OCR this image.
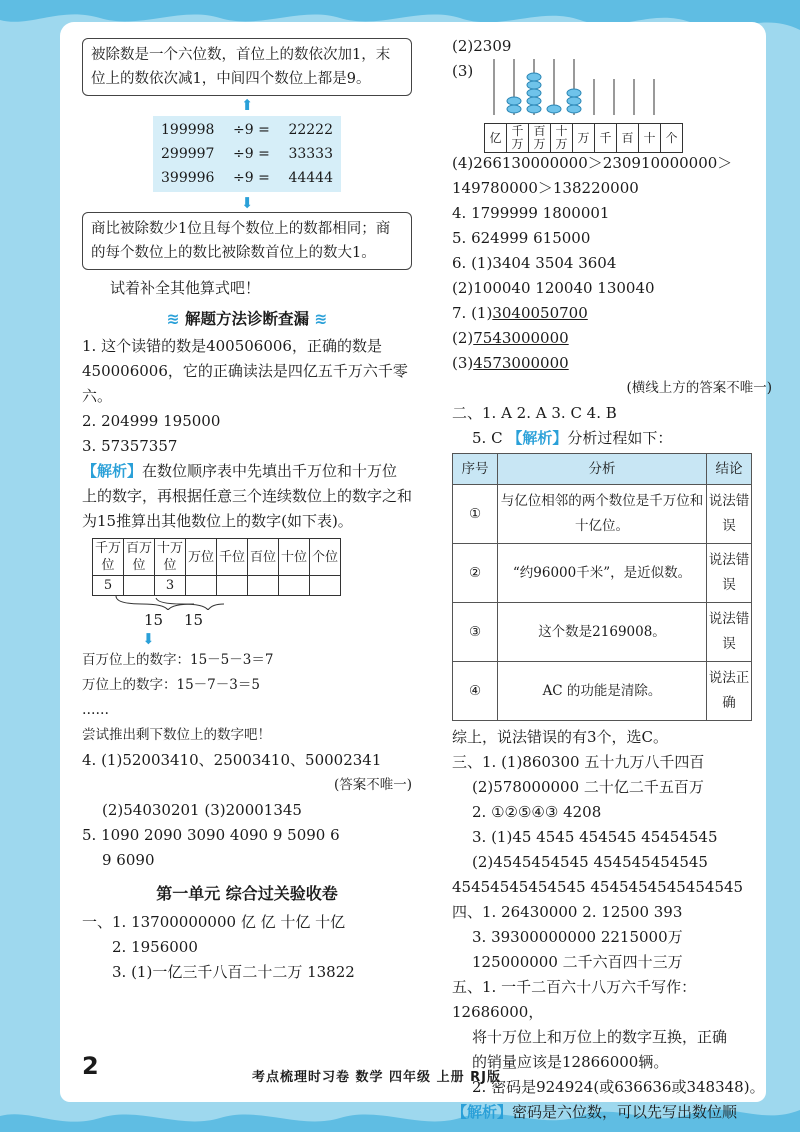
被除数是一个六位数，首位上的数依次加1，末位上的数依次减1，中间四个数位上都是9。
⬆
199998 ÷9 = 22222
299997 ÷9 = 33333
399996 ÷9 = 44444
⬇
商比被除数少1位且每个数位上的数都相同；商的每个数位上的数比被除数首位上的数大1。
试着补全其他算式吧！
≋ 解题方法诊断查漏 ≋
1. 这个读错的数是400506006，正确的数是450006006，它的正确读法是四亿五千万六千零六。
2. 204999 195000
3. 57357357
【解析】在数位顺序表中先填出千万位和十万位上的数字，再根据任意三个连续数位上的数字之和为15推算出其他数位上的数字(如下表)。
千万位	百万位	十万位	万位	千位	百位	十位	个位
5		3					
15 15
⬇
百万位上的数字：15－5－3＝7
万位上的数字：15－7－3＝5
……
尝试推出剩下数位上的数字吧！
4. (1)52003410、25003410、50002341
(答案不唯一)
(2)54030201 (3)20001345
5. 1090 2090 3090 4090 9 5090 6
9 6090
第一单元 综合过关验收卷
一、1. 13700000000 亿 亿 十亿 十亿
2. 1956000
3. (1)一亿三千八百二十二万 13822
(2)2309
(3)
亿	千万	百万	十万	万	千	百	十	个
(4)266130000000＞230910000000＞
149780000＞138220000
4. 1799999 1800001
5. 624999 615000
6. (1)3404 3504 3604
(2)100040 120040 130040
7. (1)3040050700
(2)7543000000
(3)4573000000
(横线上方的答案不唯一)
二、1. A 2. A 3. C 4. B
5. C 【解析】分析过程如下：
序号	分析	结论
①	与亿位相邻的两个数位是千万位和十亿位。	说法错误
②	“约96000千米”，是近似数。	说法错误
③	这个数是2169008。	说法错误
④	AC 的功能是清除。	说法正确
综上，说法错误的有3个，选C。
三、1. (1)860300 五十九万八千四百
(2)578000000 二十亿二千五百万
2. ①②⑤④③ 4208
3. (1)45 4545 454545 45454545
(2)4545454545 454545454545
45454545454545 4545454545454545
四、1. 26430000 2. 12500 393
3. 39300000000 2215000万
125000000 二千六百四十三万
五、1. 一千二百六十八万六千写作：12686000，
将十万位上和万位上的数字互换，正确
的销量应该是12866000辆。
2. 密码是924924(或636636或348348)。
【解析】密码是六位数，可以先写出数位顺
2	考点梳理时习卷 数学 四年级 上册 RJ版
